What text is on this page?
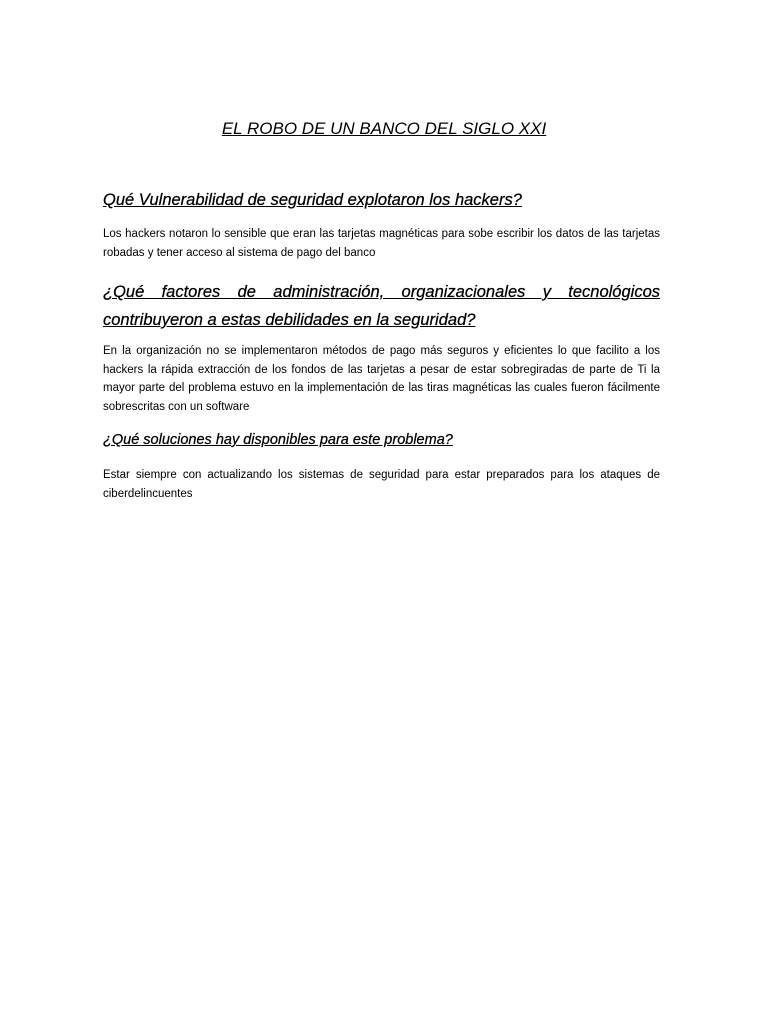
EL ROBO DE UN BANCO DEL SIGLO XXI
Qué Vulnerabilidad de seguridad explotaron los hackers?
Los hackers notaron lo sensible que eran las tarjetas magnéticas para sobe escribir los datos de las tarjetas robadas y tener acceso al sistema de pago del banco
¿Qué factores de administración, organizacionales y tecnológicos contribuyeron a estas debilidades en la seguridad?
En la organización no se implementaron métodos de pago más seguros y eficientes lo que facilito a los hackers la rápida extracción de los fondos de las tarjetas a pesar de estar sobregiradas de parte de Ti la mayor parte del problema estuvo en la implementación de las tiras magnéticas las cuales fueron fácilmente sobrescritas con un software
¿Qué soluciones hay disponibles para este problema?
Estar siempre con actualizando los sistemas de seguridad para estar preparados para los ataques de ciberdelincuentes
